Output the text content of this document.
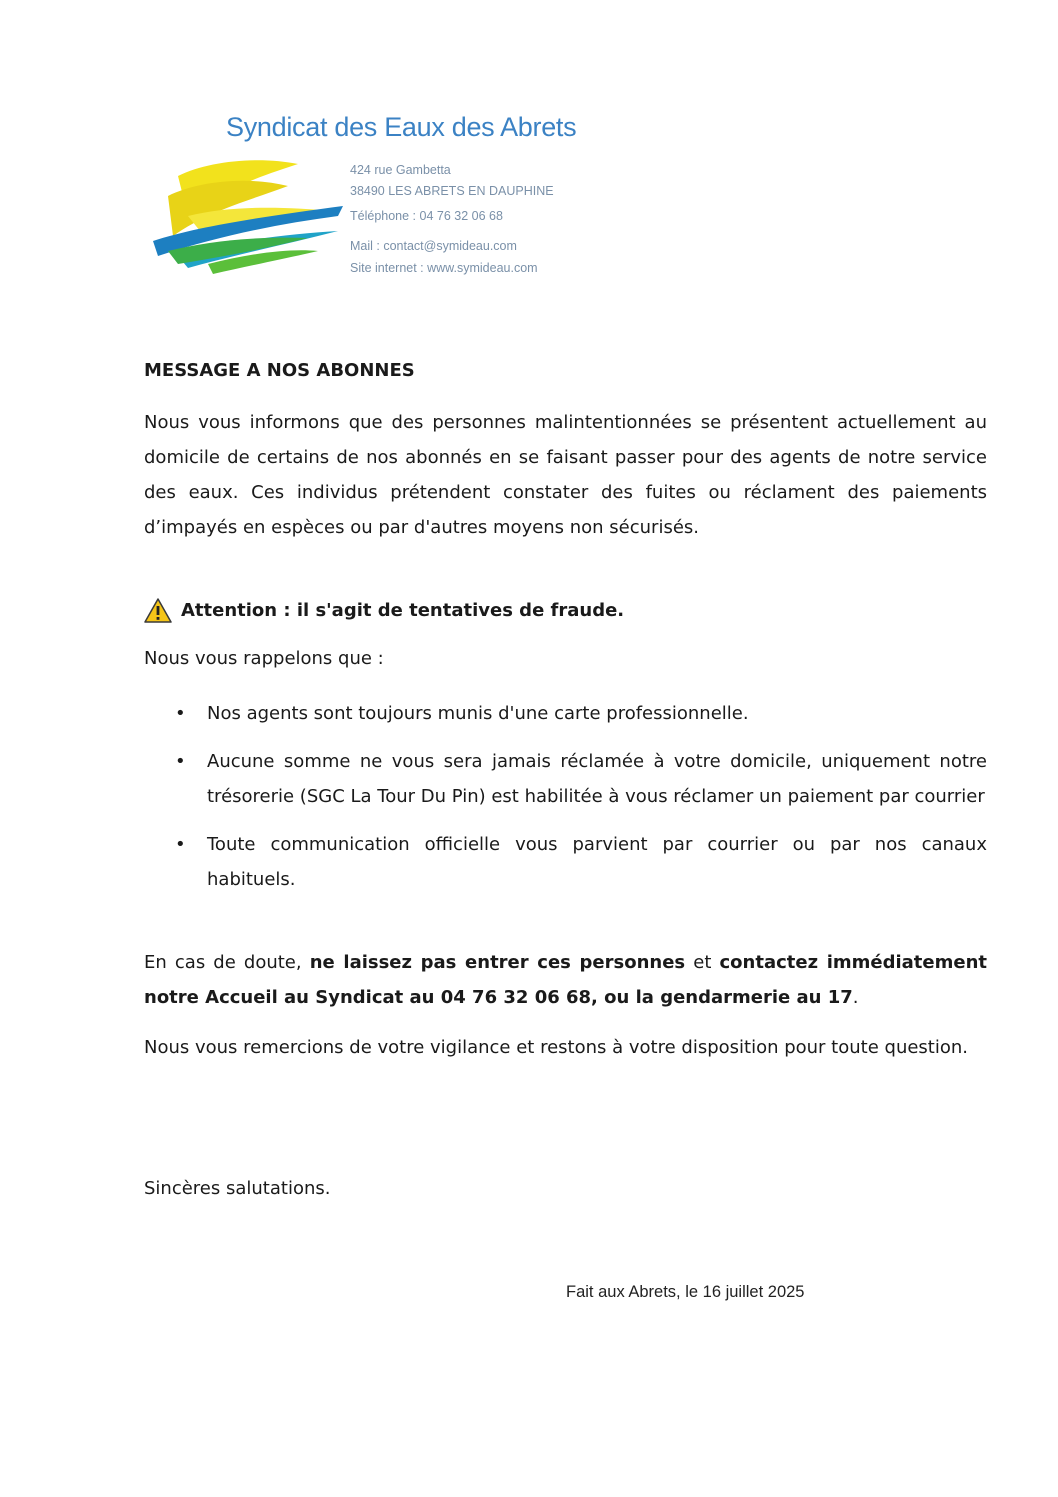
Syndicat des Eaux des Abrets
424 rue Gambetta
38490 LES ABRETS EN DAUPHINE
Téléphone : 04 76 32 06 68
Mail : contact@symideau.com
Site internet : www.symideau.com
MESSAGE A NOS ABONNES
Nous vous informons que des personnes malintentionnées se présentent actuellement au domicile de certains de nos abonnés en se faisant passer pour des agents de notre service des eaux. Ces individus prétendent constater des fuites ou réclament des paiements d’impayés en espèces ou par d'autres moyens non sécurisés.
Attention : il s'agit de tentatives de fraude.
Nous vous rappelons que :
• Nos agents sont toujours munis d'une carte professionnelle.
• Aucune somme ne vous sera jamais réclamée à votre domicile, uniquement notre trésorerie (SGC La Tour Du Pin) est habilitée à vous réclamer un paiement par courrier
• Toute communication officielle vous parvient par courrier ou par nos canaux habituels.
En cas de doute, ne laissez pas entrer ces personnes et contactez immédiatement notre Accueil au Syndicat au 04 76 32 06 68, ou la gendarmerie au 17.
Nous vous remercions de votre vigilance et restons à votre disposition pour toute question.
Sincères salutations.
Fait aux Abrets, le 16 juillet 2025
